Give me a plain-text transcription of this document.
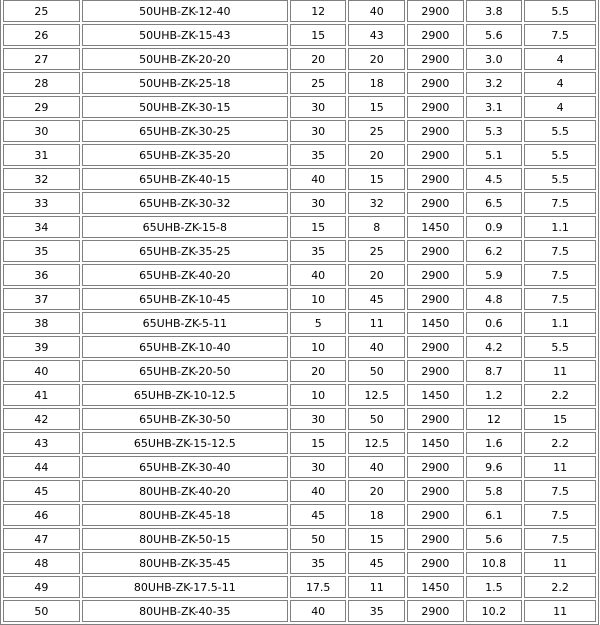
25	50UHB-ZK-12-40	12	40	2900	3.8	5.5
26	50UHB-ZK-15-43	15	43	2900	5.6	7.5
27	50UHB-ZK-20-20	20	20	2900	3.0	4
28	50UHB-ZK-25-18	25	18	2900	3.2	4
29	50UHB-ZK-30-15	30	15	2900	3.1	4
30	65UHB-ZK-30-25	30	25	2900	5.3	5.5
31	65UHB-ZK-35-20	35	20	2900	5.1	5.5
32	65UHB-ZK-40-15	40	15	2900	4.5	5.5
33	65UHB-ZK-30-32	30	32	2900	6.5	7.5
34	65UHB-ZK-15-8	15	8	1450	0.9	1.1
35	65UHB-ZK-35-25	35	25	2900	6.2	7.5
36	65UHB-ZK-40-20	40	20	2900	5.9	7.5
37	65UHB-ZK-10-45	10	45	2900	4.8	7.5
38	65UHB-ZK-5-11	5	11	1450	0.6	1.1
39	65UHB-ZK-10-40	10	40	2900	4.2	5.5
40	65UHB-ZK-20-50	20	50	2900	8.7	11
41	65UHB-ZK-10-12.5	10	12.5	1450	1.2	2.2
42	65UHB-ZK-30-50	30	50	2900	12	15
43	65UHB-ZK-15-12.5	15	12.5	1450	1.6	2.2
44	65UHB-ZK-30-40	30	40	2900	9.6	11
45	80UHB-ZK-40-20	40	20	2900	5.8	7.5
46	80UHB-ZK-45-18	45	18	2900	6.1	7.5
47	80UHB-ZK-50-15	50	15	2900	5.6	7.5
48	80UHB-ZK-35-45	35	45	2900	10.8	11
49	80UHB-ZK-17.5-11	17.5	11	1450	1.5	2.2
50	80UHB-ZK-40-35	40	35	2900	10.2	11
